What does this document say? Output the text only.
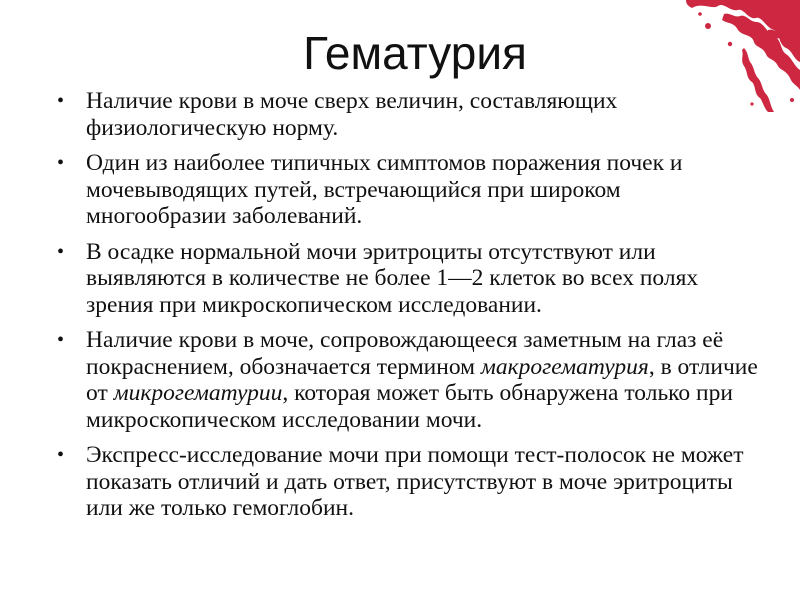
Гематурия
• Наличие крови в моче сверх величин, составляющих физиологическую норму.
• Один из наиболее типичных симптомов поражения почек и мочевыводящих путей, встречающийся при широком многообразии заболеваний.
• В осадке нормальной мочи эритроциты отсутствуют или выявляются в количестве не более 1—2 клеток во всех полях зрения при микроскопическом исследовании.
• Наличие крови в моче, сопровождающееся заметным на глаз её покраснением, обозначается термином макрогематурия, в отличие от микрогематурии, которая может быть обнаружена только при микроскопическом исследовании мочи.
• Экспресс-исследование мочи при помощи тест-полосок не может показать отличий и дать ответ, присутствуют в моче эритроциты или же только гемоглобин.
